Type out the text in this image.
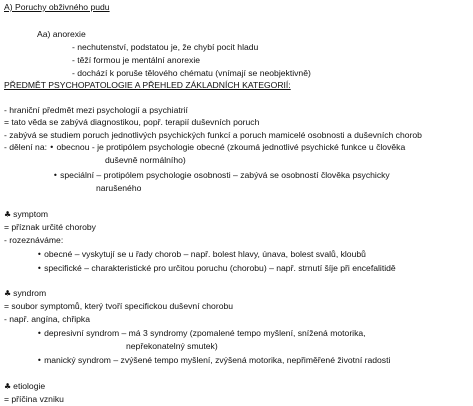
A) Poruchy obživného pudu
Aa) anorexie
- nechutenství, podstatou je, že chybí pocit hladu
- těží formou je mentální anorexie
- dochází k poruše tělového chématu (vnímají se neobjektivně)
PŘEDMĚT PSYCHOPATOLOGIE A PŘEHLED ZÁKLADNÍCH KATEGORIÍ:
- hraniční předmět mezi psychologií a psychiatrií
= tato věda se zabývá diagnostikou, popř. terapií duševních poruch
- zabývá se studiem poruch jednotlivých psychických funkcí a poruch mamicelé osobnosti a duševních chorob
- dělení na: • obecnou - je protipólem psychologie obecné (zkoumá jednotlivé psychické funkce u člověka
duševně normálního)
• speciální – protipólem psychologie osobnosti – zabývá se osobností člověka psychicky
narušeného
♣ symptom
= příznak určité choroby
- rozeznáváme:
• obecné – vyskytují se u řady chorob – např. bolest hlavy, únava, bolest svalů, kloubů
• specifické – charakteristické pro určitou poruchu (chorobu) – např. strnutí šíje při encefalitidě
♣ syndrom
= soubor symptomů, který tvoří specifickou duševní chorobu
- např. angína, chřipka
• depresivní syndrom – má 3 syndromy (zpomalené tempo myšlení, snížená motorika,
nepřekonatelný smutek)
• manický syndrom – zvýšené tempo myšlení, zvýšená motorika, nepřiměřené životní radosti
♣ etiologie
= příčina vzniku
